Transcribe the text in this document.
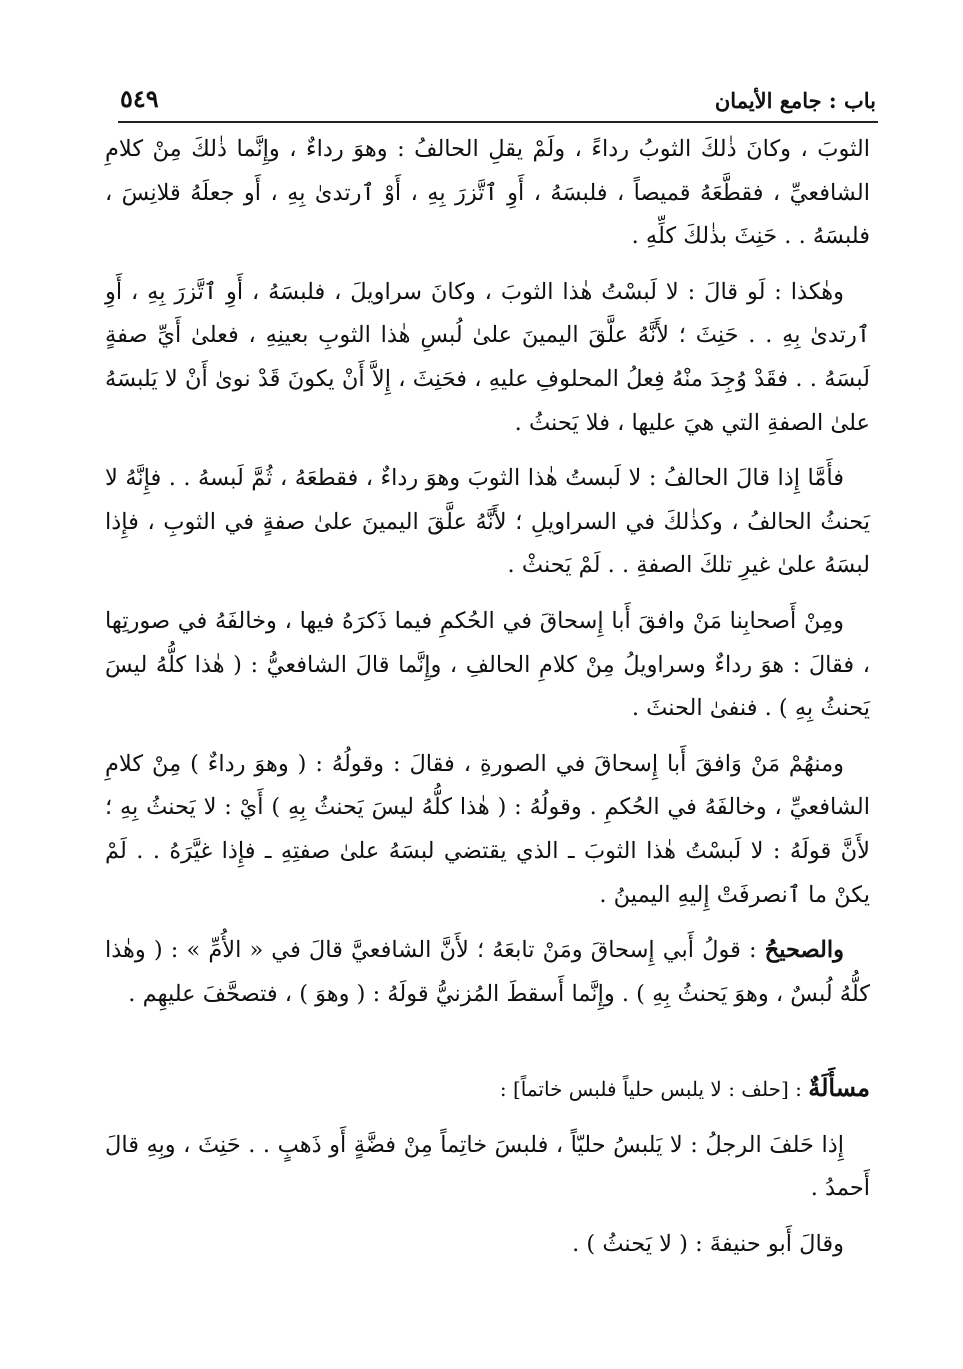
باب : جامع الأيمان
٥٤٩

الثوبَ ، وكانَ ذٰلكَ الثوبُ رداءً ، ولَمْ يقلِ الحالفُ : وهوَ رداءٌ ، وإِنَّما ذٰلكَ مِنْ كلامِ الشافعيِّ ، فقطَّعَهُ قميصاً ، فلبسَهُ ، أَوِ ٱتَّزرَ بِهِ ، أَوْ ٱرتدىٰ بِهِ ، أَو جعلَهُ قلانِسَ ، فلبسَهُ . . حَنِثَ بذٰلكَ كلِّهِ .

وهٰكذا : لَو قالَ : لا لَبسْتُ هٰذا الثوبَ ، وكانَ سراويلَ ، فلبسَهُ ، أَوِ ٱتَّزرَ بِهِ ، أَوِ ٱرتدىٰ بِهِ . . حَنِثَ ؛ لأَنَّهُ علَّقَ اليمينَ علىٰ لُبسِ هٰذا الثوبِ بعينِهِ ، فعلىٰ أَيِّ صفةٍ لَبسَهُ . . فقَدْ وُجِدَ منْهُ فِعلُ المحلوفِ عليهِ ، فحَنِثَ ، إِلاَّ أَنْ يكونَ قَدْ نوىٰ أَنْ لا يَلبسَهُ علىٰ الصفةِ التي هيَ عليها ، فلا يَحنثُ .

فأَمَّا إِذا قالَ الحالفُ : لا لَبستُ هٰذا الثوبَ وهوَ رداءٌ ، فقطعَهُ ، ثُمَّ لَبسهُ . . فإِنَّهُ لا يَحنثُ الحالفُ ، وكذٰلكَ في السراويلِ ؛ لأَنَّهُ علَّقَ اليمينَ علىٰ صفةٍ في الثوبِ ، فإِذا لبسَهُ علىٰ غيرِ تلكَ الصفةِ . . لَمْ يَحنثْ .

ومِنْ أَصحابِنا مَنْ وافقَ أَبا إِسحاقَ في الحُكمِ فيما ذَكرَهُ فيها ، وخالفَهُ في صورتِها ، فقالَ : هوَ رداءٌ وسراويلُ مِنْ كلامِ الحالفِ ، وإِنَّما قالَ الشافعيُّ : ( هٰذا كلُّهُ ليسَ يَحنثُ بِهِ ) . فنفىٰ الحنثَ .

ومنهُمْ مَنْ وَافقَ أَبا إِسحاقَ في الصورةِ ، فقالَ : وقولُهُ : ( وهوَ رداءٌ ) مِنْ كلامِ الشافعيِّ ، وخالفَهُ في الحُكمِ . وقولُهُ : ( هٰذا كلُّهُ ليسَ يَحنثُ بِهِ ) أَيْ : لا يَحنثُ بِهِ ؛ لأَنَّ قولَهُ : لا لَبسْتُ هٰذا الثوبَ ـ الذي يقتضي لبسَهُ علىٰ صفتِهِ ـ فإِذا غيَّرَهُ . . لَمْ يكنْ ما ٱنصرفَتْ إِليهِ اليمينُ .

والصحيحُ : قولُ أَبي إِسحاقَ ومَنْ تابعَهُ ؛ لأَنَّ الشافعيَّ قالَ في « الأُمِّ » : ( وهٰذا كلُّهُ لُبسٌ ، وهوَ يَحنثُ بِهِ ) . وإِنَّما أَسقطَ المُزنيُّ قولَهُ : ( وهوَ ) ، فتصحَّفَ عليهِم .

مسأَلَةٌ : [حلف : لا يلبس حلياً فلبس خاتماً] :

إِذا حَلفَ الرجلُ : لا يَلبسُ حليّاً ، فلبسَ خاتِماً مِنْ فضَّةٍ أَو ذَهبٍ . . حَنِثَ ، وبِهِ قالَ أَحمدُ .

وقالَ أَبو حنيفةَ : ( لا يَحنثُ ) .
